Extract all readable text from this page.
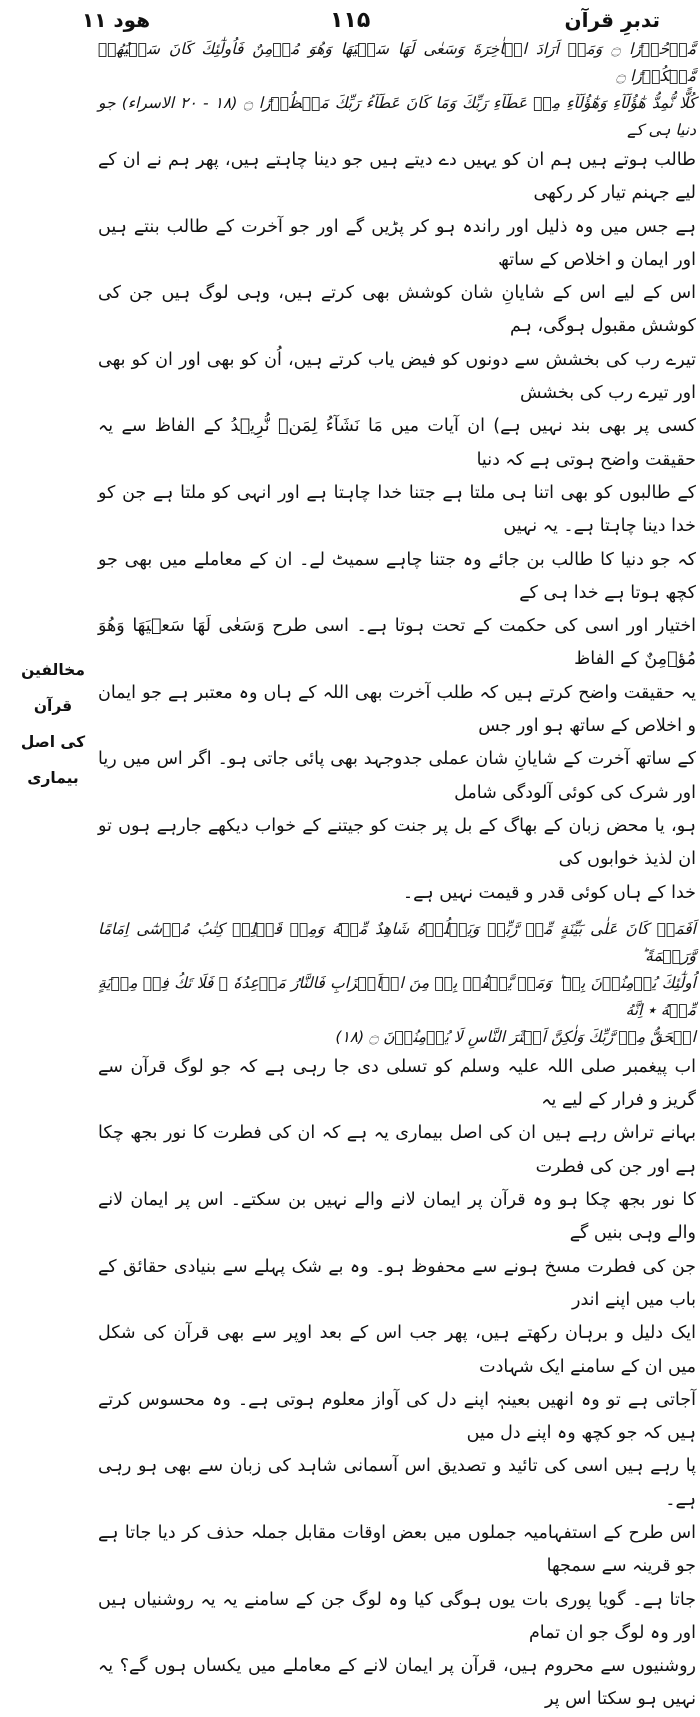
تدبرِ قرآن
۱۱۵
ھود ۱۱
مَّدۡحُوۡرًا ۝ وَمَنۡ اَرَادَ الۡاٰخِرَةَ وَسَعٰی لَهَا سَعۡیَهَا وَهُوَ مُؤۡمِنٌ فَاُولٰٓئِكَ كَانَ سَعۡیُهُمۡ مَّشۡكُوۡرًا ۝
كُلًّا نُّمِدُّ هٰٓؤُلَآءِ وَهٰٓؤُلَآءِ مِنۡ عَطَآءِ رَبِّكَ وَمَا كَانَ عَطَآءُ رَبِّكَ مَحۡظُوۡرًا ۝ (۱۸ - ۲۰ الاسراء) جو دنیا ہی کے
طالب ہوتے ہیں ہم ان کو یہیں دے دیتے ہیں جو دینا چاہتے ہیں، پھر ہم نے ان کے لیے جہنم تیار کر رکھی
ہے جس میں وہ ذلیل اور راندہ ہو کر پڑیں گے اور جو آخرت کے طالب بنتے ہیں اور ایمان و اخلاص کے ساتھ
اس کے لیے اس کے شایانِ شان کوشش بھی کرتے ہیں، وہی لوگ ہیں جن کی کوشش مقبول ہوگی، ہم
تیرے رب کی بخشش سے دونوں کو فیض یاب کرتے ہیں، اُن کو بھی اور ان کو بھی اور تیرے رب کی بخشش
کسی پر بھی بند نہیں ہے) ان آیات میں مَا نَشَآءُ لِمَنۡ نُّرِیۡدُ کے الفاظ سے یہ حقیقت واضح ہوتی ہے کہ دنیا
کے طالبوں کو بھی اتنا ہی ملتا ہے جتنا خدا چاہتا ہے اور انہی کو ملتا ہے جن کو خدا دینا چاہتا ہے۔ یہ نہیں
کہ جو دنیا کا طالب بن جائے وہ جتنا چاہے سمیٹ لے۔ ان کے معاملے میں بھی جو کچھ ہوتا ہے خدا ہی کے
اختیار اور اسی کی حکمت کے تحت ہوتا ہے۔ اسی طرح وَسَعٰی لَهَا سَعۡیَهَا وَهُوَ مُؤۡمِنٌ کے الفاظ
یہ حقیقت واضح کرتے ہیں کہ طلب آخرت بھی اللہ کے ہاں وہ معتبر ہے جو ایمان و اخلاص کے ساتھ ہو اور جس
کے ساتھ آخرت کے شایانِ شان عملی جدوجہد بھی پائی جاتی ہو۔ اگر اس میں ریا اور شرک کی کوئی آلودگی شامل
ہو، یا محض زبان کے بھاگ کے بل پر جنت کو جیتنے کے خواب دیکھے جارہے ہوں تو ان لذیذ خوابوں کی
خدا کے ہاں کوئی قدر و قیمت نہیں ہے۔
اَفَمَنۡ كَانَ عَلٰی بَیِّنَةٍ مِّنۡ رَّبِّهٖ وَیَتۡلُوۡهُ شَاهِدٌ مِّنۡهُ وَمِنۡ قَبۡلِهٖ كِتٰبُ مُوۡسٰٓی اِمَامًا وَّرَحۡمَةً ؕ
اُولٰٓئِكَ یُؤۡمِنُوۡنَ بِهٖ ؕ وَمَنۡ یَّكۡفُرۡ بِهٖ مِنَ الۡاَحۡزَابِ فَالنَّارُ مَوۡعِدُهٗ ۚ فَلَا تَكُ فِیۡ مِرۡیَةٍ مِّنۡهُ ٭ اِنَّهُ
الۡحَقُّ مِنۡ رَّبِّكَ وَلٰكِنَّ اَكۡثَرَ النَّاسِ لَا یُؤۡمِنُوۡنَ ۝ (۱۸)
اب پیغمبر صلی اللہ علیہ وسلم کو تسلی دی جا رہی ہے کہ جو لوگ قرآن سے گریز و فرار کے لیے یہ
بہانے تراش رہے ہیں ان کی اصل بیماری یہ ہے کہ ان کی فطرت کا نور بجھ چکا ہے اور جن کی فطرت
کا نور بجھ چکا ہو وہ قرآن پر ایمان لانے والے نہیں بن سکتے۔ اس پر ایمان لانے والے وہی بنیں گے
جن کی فطرت مسخ ہونے سے محفوظ ہو۔ وہ بے شک پہلے سے بنیادی حقائق کے باب میں اپنے اندر
ایک دلیل و برہان رکھتے ہیں، پھر جب اس کے بعد اوپر سے بھی قرآن کی شکل میں ان کے سامنے ایک شہادت
آجاتی ہے تو وہ انھیں بعینہٖ اپنے دل کی آواز معلوم ہوتی ہے۔ وہ محسوس کرتے ہیں کہ جو کچھ وہ اپنے دل میں
پا رہے ہیں اسی کی تائید و تصدیق اس آسمانی شاہد کی زبان سے بھی ہو رہی ہے۔
اس طرح کے استفہامیہ جملوں میں بعض اوقات مقابل جملہ حذف کر دیا جاتا ہے جو قرینہ سے سمجھا
جاتا ہے۔ گویا پوری بات یوں ہوگی کیا وہ لوگ جن کے سامنے یہ یہ روشنیاں ہیں اور وہ لوگ جو ان تمام
روشنیوں سے محروم ہیں، قرآن پر ایمان لانے کے معاملے میں یکساں ہوں گے؟ یہ نہیں ہو سکتا اس پر
مخالفین قرآن
کی اصل بیماری
